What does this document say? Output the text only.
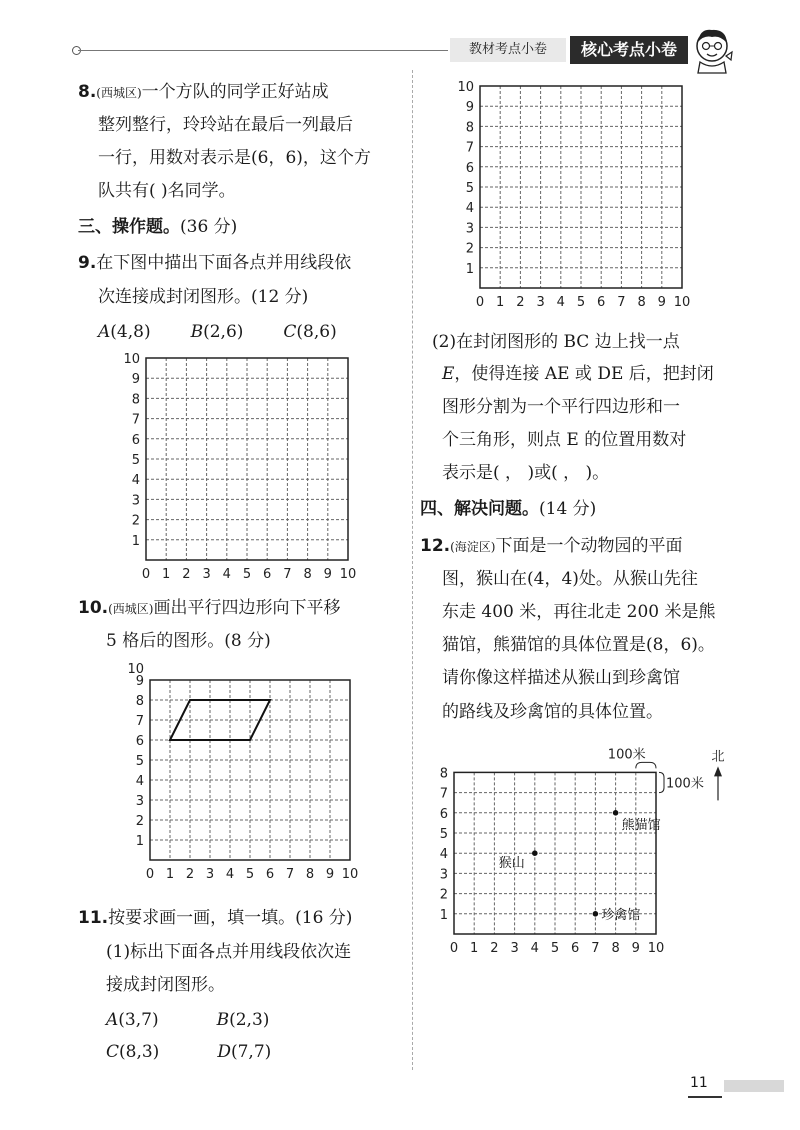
教材考点小卷	核心考点小卷
8.(西城区)一个方队的同学正好站成
整列整行，玲玲站在最后一列最后
一行，用数对表示是(6，6)，这个方
队共有( )名同学。
三、操作题。(36 分)
9.在下图中描出下面各点并用线段依
次连接成封闭图形。(12 分)
A(4,8) B(2,6) C(8,6)
0 1 2 3 4 5 6 7 8 9 10
1
2
3
4
5
6
7
8
9
10
0 1 2 3 4 5 6 7 8 9 10
1
2
3
4
5
6
7
8
9
10
0 1 2 3 4 5 6 7 8 9 10
1
2
3
4
5
6
7
8
9
10
0 1 2 3 4 5 6 7 8 9 10
1
2
3
4
5
6
7
8
100米
100米
北
猴山
熊猫馆
珍禽馆
10.(西城区)画出平行四边形向下平移
5 格后的图形。(8 分)
11.按要求画一画，填一填。(16 分)
(1)标出下面各点并用线段依次连
接成封闭图形。
A(3,7)	B(2,3)
C(8,3)	D(7,7)
(2)在封闭图形的 BC 边上找一点
E，使得连接 AE 或 DE 后，把封闭
图形分割为一个平行四边形和一
个三角形，则点 E 的位置用数对
表示是( ， )或( ， )。
四、解决问题。(14 分)
12.(海淀区)下面是一个动物园的平面
图，猴山在(4，4)处。从猴山先往
东走 400 米，再往北走 200 米是熊
猫馆，熊猫馆的具体位置是(8，6)。
请你像这样描述从猴山到珍禽馆
的路线及珍禽馆的具体位置。
11
